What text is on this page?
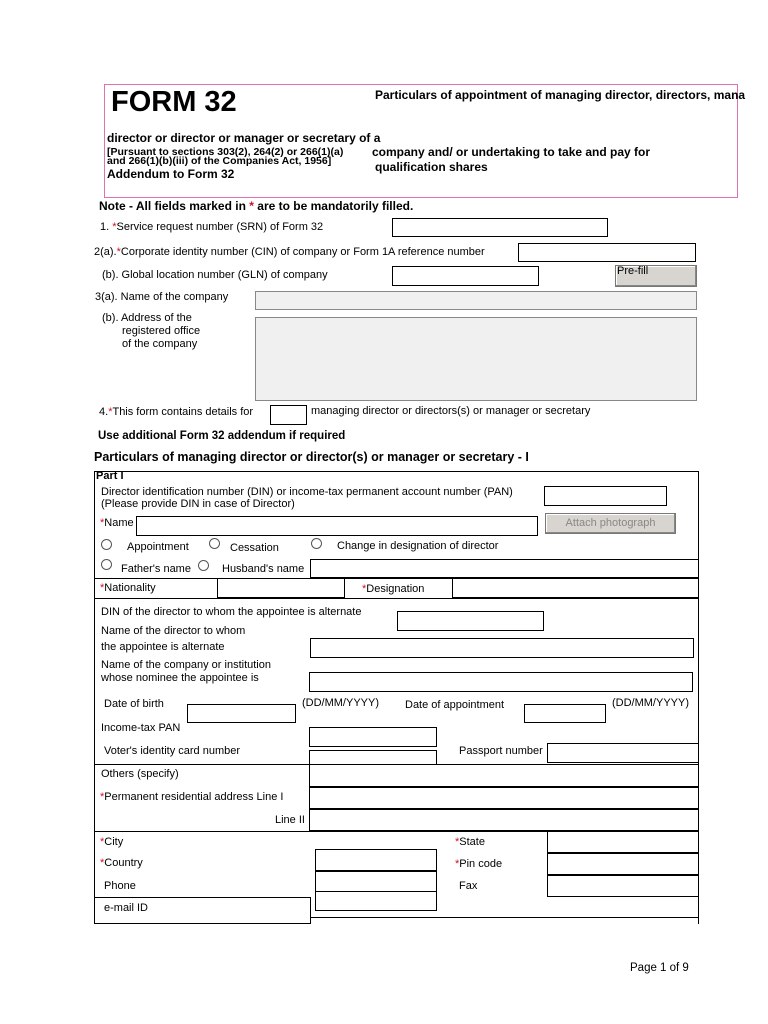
FORM 32	Particulars of appointment of managing director, directors, mana
director or director or manager or secretary of a
[Pursuant to sections 303(2), 264(2) or 266(1)(a)
and 266(1)(b)(iii) of the Companies Act, 1956]
company and/ or undertaking to take and pay for
qualification shares
Addendum to Form 32
Note - All fields marked in * are to be mandatorily filled.
1. *Service request number (SRN) of Form 32
2(a).*Corporate identity number (CIN) of company or Form 1A reference number
(b). Global location number (GLN) of company	Pre-fill
3(a). Name of the company
(b). Address of the
registered office
of the company
4.*This form contains details for	managing director or directors(s) or manager or secretary
Use additional Form 32 addendum if required
Particulars of managing director or director(s) or manager or secretary - I
Part I
Director identification number (DIN) or income-tax permanent account number (PAN)
(Please provide DIN in case of Director)
*Name	Attach photograph
Appointment	Cessation	Change in designation of director
Father's name	Husband's name
*Nationality	*Designation
DIN of the director to whom the appointee is alternate
Name of the director to whom
the appointee is alternate
Name of the company or institution
whose nominee the appointee is
Date of birth	(DD/MM/YYYY) Date of appointment	(DD/MM/YYYY)
Income-tax PAN
Voter's identity card number	Passport number
Others (specify)
*Permanent residential address Line I
Line II
*City	*State
*Country	*Pin code
Phone	Fax
e-mail ID
Page 1 of 9
